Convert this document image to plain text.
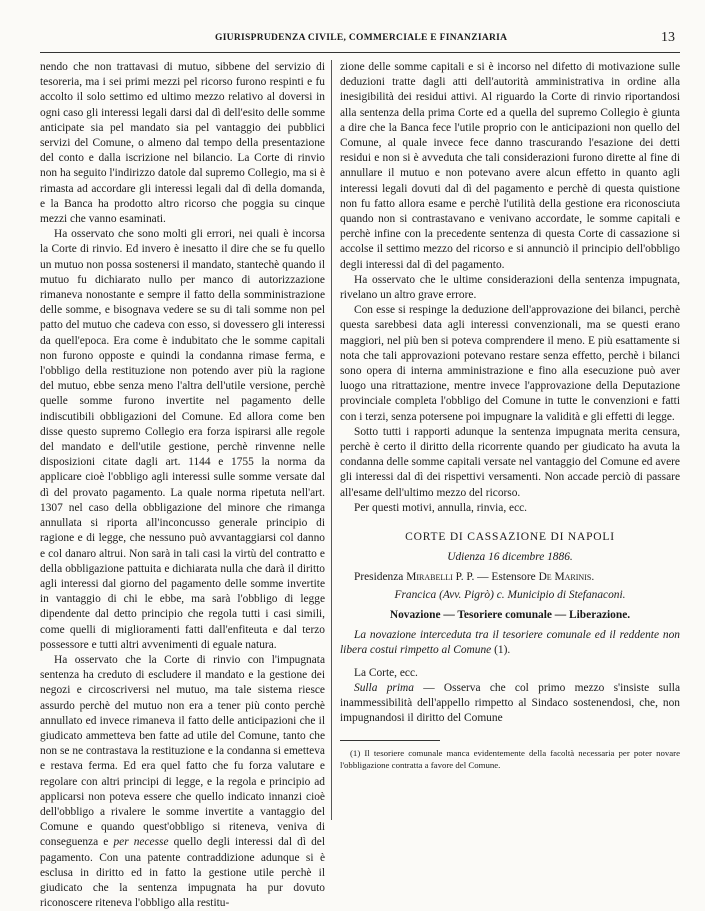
GIURISPRUDENZA CIVILE, COMMERCIALE E FINANZIARIA	13

nendo che non trattavasi di mutuo, sibbene del servizio di tesoreria, ma i sei primi mezzi pel ricorso furono respinti e fu accolto il solo settimo ed ultimo mezzo relativo al doversi in ogni caso gli interessi legali darsi dal dì dell'esito delle somme anticipate sia pel mandato sia pel vantaggio dei pubblici servizi del Comune, o almeno dal tempo della presentazione del conto e dalla iscrizione nel bilancio. La Corte di rinvio non ha seguito l'indirizzo datole dal supremo Collegio, ma si è rimasta ad accordare gli interessi legali dal dì della domanda, e la Banca ha prodotto altro ricorso che poggia su cinque mezzi che vanno esaminati.

Ha osservato che sono molti gli errori, nei quali è incorsa la Corte di rinvio. Ed invero è inesatto il dire che se fu quello un mutuo non possa sostenersi il mandato, stantechè quando il mutuo fu dichiarato nullo per manco di autorizzazione rimaneva nonostante e sempre il fatto della somministrazione delle somme, e bisognava vedere se su di tali somme non pel patto del mutuo che cadeva con esso, si dovessero gli interessi da quell'epoca. Era come è indubitato che le somme capitali non furono opposte e quindi la condanna rimase ferma, e l'obbligo della restituzione non potendo aver più la ragione del mutuo, ebbe senza meno l'altra dell'utile versione, perchè quelle somme furono invertite nel pagamento delle indiscutibili obbligazioni del Comune. Ed allora come ben disse questo supremo Collegio era forza ispirarsi alle regole del mandato e dell'utile gestione, perchè rinvenne nelle disposizioni citate dagli art. 1144 e 1755 la norma da applicare cioè l'obbligo agli interessi sulle somme versate dal dì del provato pagamento. La quale norma ripetuta nell'art. 1307 nel caso della obbligazione del minore che rimanga annullata si riporta all'inconcusso generale principio di ragione e di legge, che nessuno può avvantaggiarsi col danno e col danaro altrui. Non sarà in tali casi la virtù del contratto e della obbligazione pattuita e dichiarata nulla che darà il diritto agli interessi dal giorno del pagamento delle somme invertite in vantaggio di chi le ebbe, ma sarà l'obbligo di legge dipendente dal detto principio che regola tutti i casi simili, come quelli di miglioramenti fatti dall'enfiteuta e dal terzo possessore e tutti altri avvenimenti di eguale natura.

Ha osservato che la Corte di rinvio con l'impugnata sentenza ha creduto di escludere il mandato e la gestione dei negozi e circoscriversi nel mutuo, ma tale sistema riesce assurdo perchè del mutuo non era a tener più conto perchè annullato ed invece rimaneva il fatto delle anticipazioni che il giudicato ammetteva ben fatte ad utile del Comune, tanto che non se ne contrastava la restituzione e la condanna si emetteva e restava ferma. Ed era quel fatto che fu forza valutare e regolare con altri principi di legge, e la regola e principio ad applicarsi non poteva essere che quello indicato innanzi cioè dell'obbligo a rivalere le somme invertite a vantaggio del Comune e quando quest'obbligo si riteneva, veniva di conseguenza e per necesse quello degli interessi dal dì del pagamento. Con una patente contraddizione adunque si è esclusa in diritto ed in fatto la gestione utile perchè il giudicato che la sentenza impugnata ha pur dovuto riconoscere riteneva l'obbligo alla restitu-

zione delle somme capitali e si è incorso nel difetto di motivazione sulle deduzioni tratte dagli atti dell'autorità amministrativa in ordine alla inesigibilità dei residui attivi. Al riguardo la Corte di rinvio riportandosi alla sentenza della prima Corte ed a quella del supremo Collegio è giunta a dire che la Banca fece l'utile proprio con le anticipazioni non quello del Comune, al quale invece fece danno trascurando l'esazione dei detti residui e non si è avveduta che tali considerazioni furono dirette al fine di annullare il mutuo e non potevano avere alcun effetto in quanto agli interessi legali dovuti dal dì del pagamento e perchè di questa quistione non fu fatto allora esame e perchè l'utilità della gestione era riconosciuta quando non si contrastavano e venivano accordate, le somme capitali e perchè infine con la precedente sentenza di questa Corte di cassazione si accolse il settimo mezzo del ricorso e si annunciò il principio dell'obbligo degli interessi dal dì del pagamento.

Ha osservato che le ultime considerazioni della sentenza impugnata, rivelano un altro grave errore.

Con esse si respinge la deduzione dell'approvazione dei bilanci, perchè questa sarebbesi data agli interessi convenzionali, ma se questi erano maggiori, nel più ben si poteva comprendere il meno. E più esattamente si nota che tali approvazioni potevano restare senza effetto, perchè i bilanci sono opera di interna amministrazione e fino alla esecuzione può aver luogo una ritrattazione, mentre invece l'approvazione della Deputazione provinciale completa l'obbligo del Comune in tutte le convenzioni e fatti con i terzi, senza potersene poi impugnare la validità e gli effetti di legge.

Sotto tutti i rapporti adunque la sentenza impugnata merita censura, perchè è certo il diritto della ricorrente quando per giudicato ha avuta la condanna delle somme capitali versate nel vantaggio del Comune ed avere gli interessi dal dì dei rispettivi versamenti. Non accade perciò di passare all'esame dell'ultimo mezzo del ricorso.

Per questi motivi, annulla, rinvia, ecc.

CORTE DI CASSAZIONE DI NAPOLI

Udienza 16 dicembre 1886.

Presidenza Mirabelli P. P. — Estensore De Marinis.

Francica (Avv. Pigrò) c. Municipio di Stefanaconi.

Novazione — Tesoriere comunale — Liberazione.

La novazione interceduta tra il tesoriere comunale ed il reddente non libera costui rimpetto al Comune (1).

La Corte, ecc.

Sulla prima — Osserva che col primo mezzo s'insiste sulla inammessibilità dell'appello rimpetto al Sindaco sostenendosi, che, non impugnandosi il diritto del Comune

(1) Il tesoriere comunale manca evidentemente della facoltà necessaria per poter novare l'obbligazione contratta a favore del Comune.
